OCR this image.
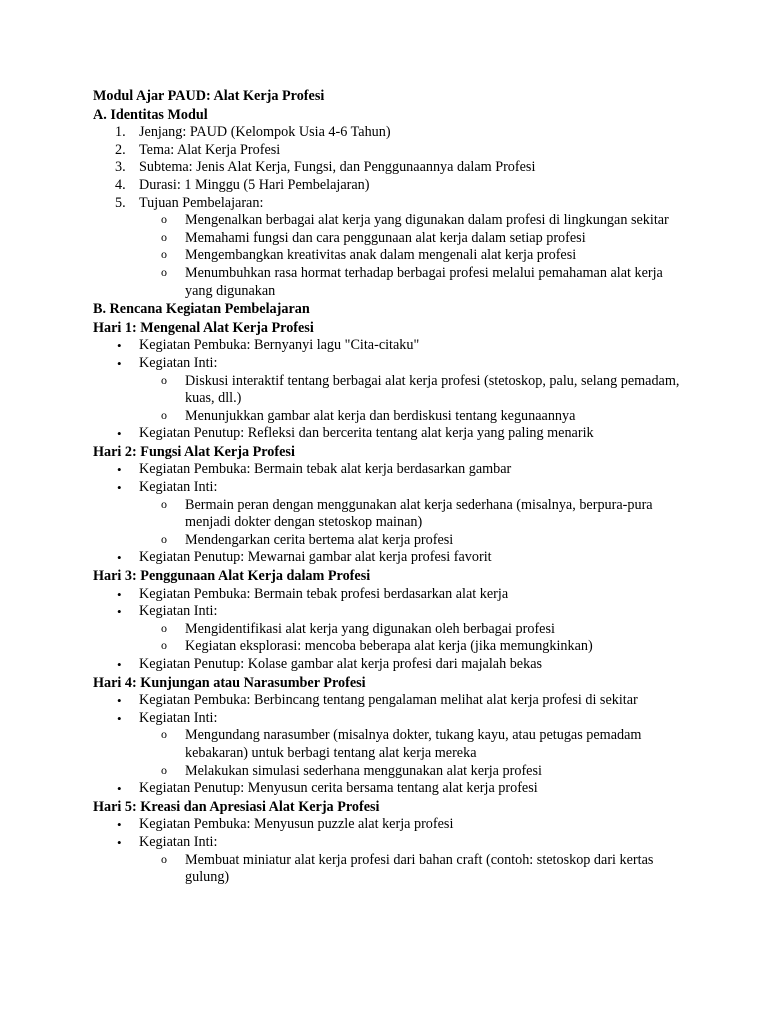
Modul Ajar PAUD: Alat Kerja Profesi
A. Identitas Modul
1. Jenjang: PAUD (Kelompok Usia 4-6 Tahun)
2. Tema: Alat Kerja Profesi
3. Subtema: Jenis Alat Kerja, Fungsi, dan Penggunaannya dalam Profesi
4. Durasi: 1 Minggu (5 Hari Pembelajaran)
5. Tujuan Pembelajaran:
o Mengenalkan berbagai alat kerja yang digunakan dalam profesi di lingkungan sekitar
o Memahami fungsi dan cara penggunaan alat kerja dalam setiap profesi
o Mengembangkan kreativitas anak dalam mengenali alat kerja profesi
o Menumbuhkan rasa hormat terhadap berbagai profesi melalui pemahaman alat kerja yang digunakan
B. Rencana Kegiatan Pembelajaran
Hari 1: Mengenal Alat Kerja Profesi
• Kegiatan Pembuka: Bernyanyi lagu "Cita-citaku"
• Kegiatan Inti:
o Diskusi interaktif tentang berbagai alat kerja profesi (stetoskop, palu, selang pemadam, kuas, dll.)
o Menunjukkan gambar alat kerja dan berdiskusi tentang kegunaannya
• Kegiatan Penutup: Refleksi dan bercerita tentang alat kerja yang paling menarik
Hari 2: Fungsi Alat Kerja Profesi
• Kegiatan Pembuka: Bermain tebak alat kerja berdasarkan gambar
• Kegiatan Inti:
o Bermain peran dengan menggunakan alat kerja sederhana (misalnya, berpura-pura menjadi dokter dengan stetoskop mainan)
o Mendengarkan cerita bertema alat kerja profesi
• Kegiatan Penutup: Mewarnai gambar alat kerja profesi favorit
Hari 3: Penggunaan Alat Kerja dalam Profesi
• Kegiatan Pembuka: Bermain tebak profesi berdasarkan alat kerja
• Kegiatan Inti:
o Mengidentifikasi alat kerja yang digunakan oleh berbagai profesi
o Kegiatan eksplorasi: mencoba beberapa alat kerja (jika memungkinkan)
• Kegiatan Penutup: Kolase gambar alat kerja profesi dari majalah bekas
Hari 4: Kunjungan atau Narasumber Profesi
• Kegiatan Pembuka: Berbincang tentang pengalaman melihat alat kerja profesi di sekitar
• Kegiatan Inti:
o Mengundang narasumber (misalnya dokter, tukang kayu, atau petugas pemadam kebakaran) untuk berbagi tentang alat kerja mereka
o Melakukan simulasi sederhana menggunakan alat kerja profesi
• Kegiatan Penutup: Menyusun cerita bersama tentang alat kerja profesi
Hari 5: Kreasi dan Apresiasi Alat Kerja Profesi
• Kegiatan Pembuka: Menyusun puzzle alat kerja profesi
• Kegiatan Inti:
o Membuat miniatur alat kerja profesi dari bahan craft (contoh: stetoskop dari kertas gulung)
